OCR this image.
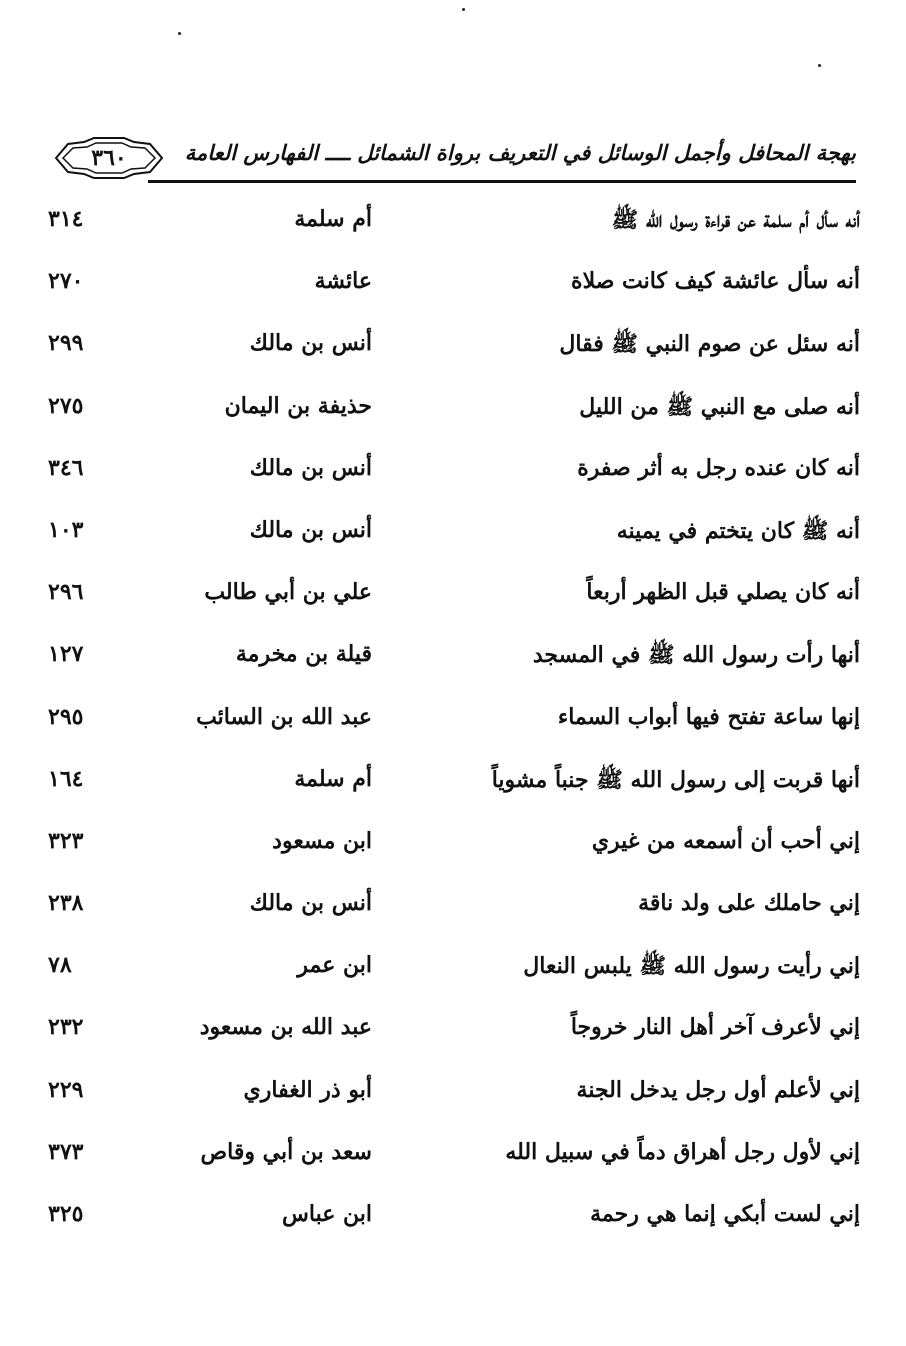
٣٦٠	بهجة المحافل وأجمل الوسائل في التعريف برواة الشمائل ــــ الفهارس العامة
أنه سأل أم سلمة عن قراءة رسول الله ﷺ
أم سلمة
٣١٤
أنه سأل عائشة كيف كانت صلاة
عائشة
٢٧٠
أنه سئل عن صوم النبي ﷺ فقال
أنس بن مالك
٢٩٩
أنه صلى مع النبي ﷺ من الليل
حذيفة بن اليمان
٢٧٥
أنه كان عنده رجل به أثر صفرة
أنس بن مالك
٣٤٦
أنه ﷺ كان يتختم في يمينه
أنس بن مالك
١٠٣
أنه كان يصلي قبل الظهر أربعاً
علي بن أبي طالب
٢٩٦
أنها رأت رسول الله ﷺ في المسجد
قيلة بن مخرمة
١٢٧
إنها ساعة تفتح فيها أبواب السماء
عبد الله بن السائب
٢٩٥
أنها قربت إلى رسول الله ﷺ جنباً مشوياً
أم سلمة
١٦٤
إني أحب أن أسمعه من غيري
ابن مسعود
٣٢٣
إني حاملك على ولد ناقة
أنس بن مالك
٢٣٨
إني رأيت رسول الله ﷺ يلبس النعال
ابن عمر
٧٨
إني لأعرف آخر أهل النار خروجاً
عبد الله بن مسعود
٢٣٢
إني لأعلم أول رجل يدخل الجنة
أبو ذر الغفاري
٢٢٩
إني لأول رجل أهراق دماً في سبيل الله
سعد بن أبي وقاص
٣٧٣
إني لست أبكي إنما هي رحمة
ابن عباس
٣٢٥
